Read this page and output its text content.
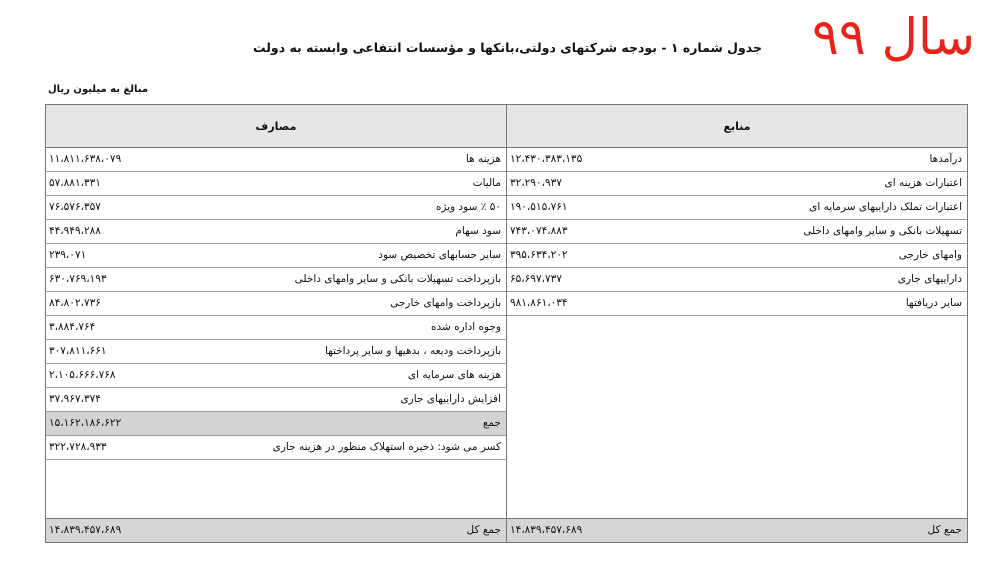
جدول شماره ۱ - بودجه شرکتهای دولتی،بانکها و مؤسسات انتفاعی وابسته به دولت سال ۹۹
مبالغ به میلیون ریال
مصارف	منابع
هزینه ها
۱۱،۸۱۱،۶۳۸،۰۷۹
مالیات
۵۷،۸۸۱،۳۳۱
۵۰ ٪ سود ویژه
۷۶،۵۷۶،۳۵۷
سود سهام
۴۴،۹۴۹،۲۸۸
سایر حسابهای تخصیص سود
۲۳۹،۰۷۱
بازپرداخت تسهیلات بانکی و سایر وامهای داخلی
۶۳۰،۷۶۹،۱۹۳
بازپرداخت وامهای خارجی
۸۴،۸۰۲،۷۳۶
وجوه اداره شده
۳،۸۸۴،۷۶۴
بازپرداخت ودیعه ، بدهیها و سایر پرداختها
۳۰۷،۸۱۱،۶۶۱
هزینه های سرمایه ای
۲،۱۰۵،۶۶۶،۷۶۸
افزایش داراییهای جاری
۳۷،۹۶۷،۳۷۴
جمع
۱۵،۱۶۲،۱۸۶،۶۲۲
کسر می شود: ذخیره استهلاک منظور در هزینه جاری
۳۲۲،۷۲۸،۹۳۳
درآمدها
۱۲،۴۳۰،۳۸۳،۱۳۵
اعتبارات هزینه ای
۳۲،۲۹۰،۹۳۷
اعتبارات تملک داراییهای سرمایه ای
۱۹۰،۵۱۵،۷۶۱
تسهیلات بانکی و سایر وامهای داخلی
۷۴۳،۰۷۴،۸۸۳
وامهای خارجی
۳۹۵،۶۳۴،۲۰۲
داراییهای جاری
۶۵،۶۹۷،۷۳۷
سایر دریافتها
۹۸۱،۸۶۱،۰۳۴
جمع کل
۱۴،۸۳۹،۴۵۷،۶۸۹	جمع کل
۱۴،۸۳۹،۴۵۷،۶۸۹
